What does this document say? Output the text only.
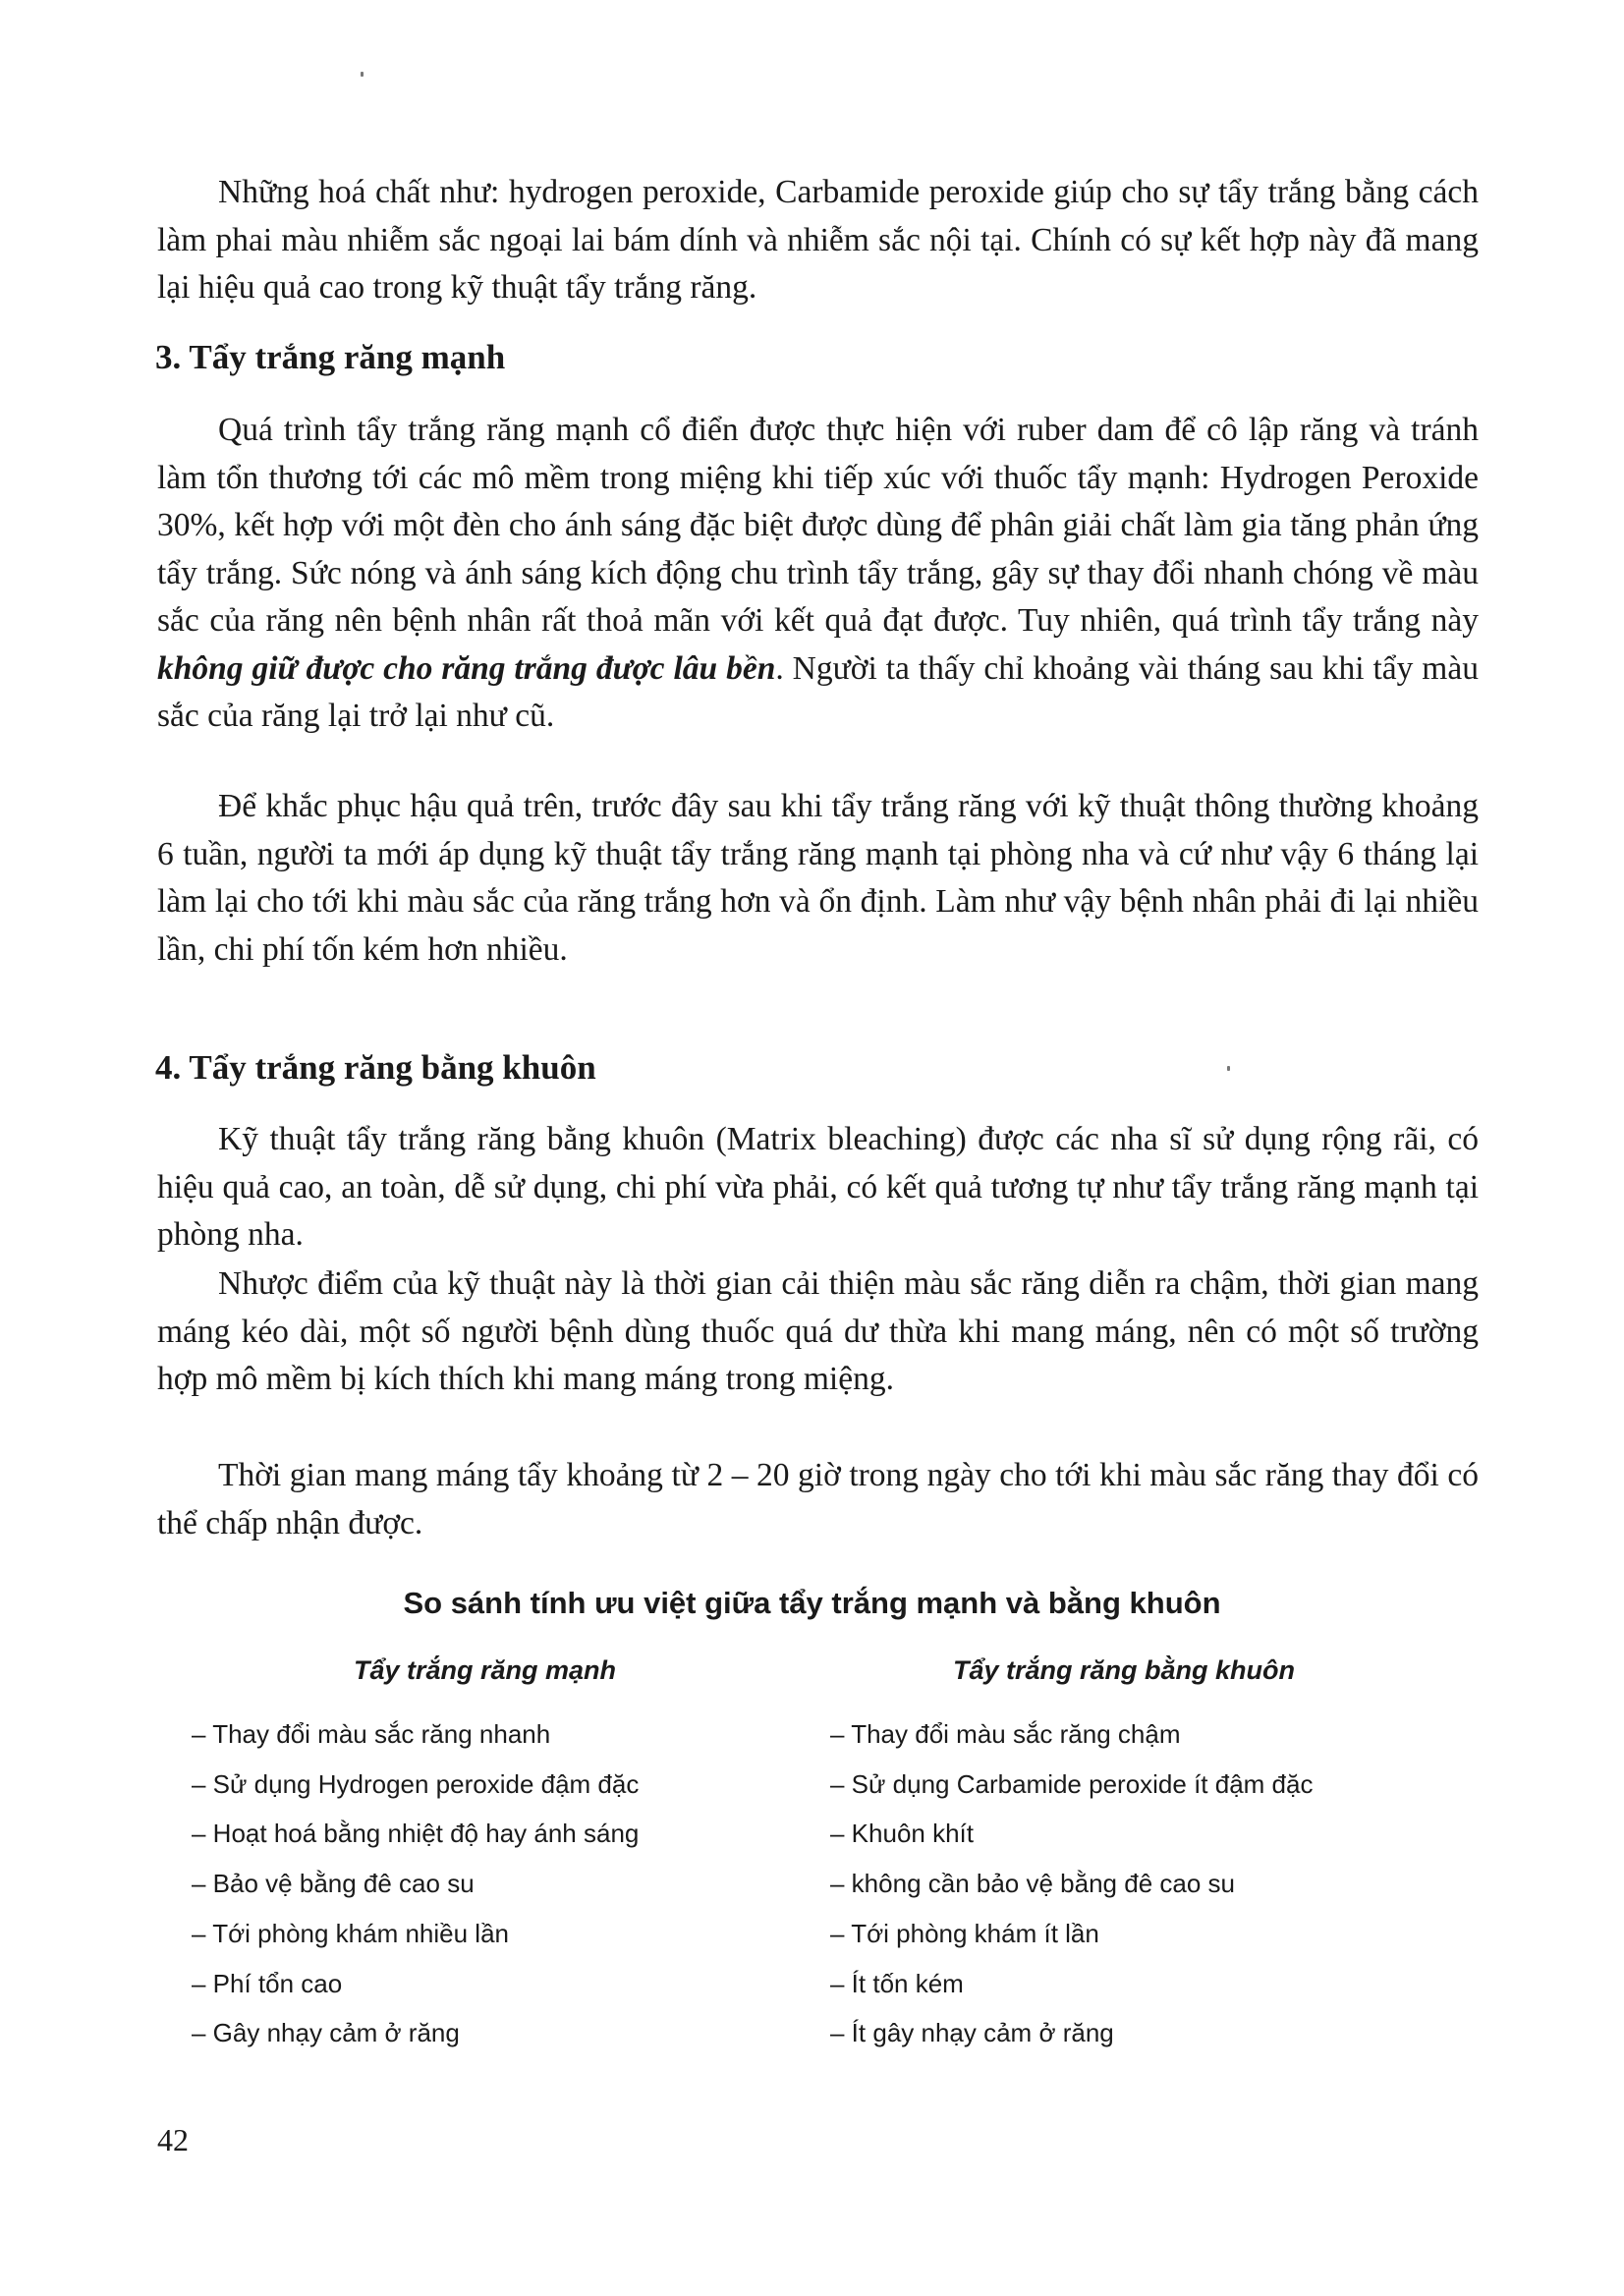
Những hoá chất như: hydrogen peroxide, Carbamide peroxide giúp cho sự tẩy trắng bằng cách làm phai màu nhiễm sắc ngoại lai bám dính và nhiễm sắc nội tại. Chính có sự kết hợp này đã mang lại hiệu quả cao trong kỹ thuật tẩy trắng răng.

3. Tẩy trắng răng mạnh

Quá trình tẩy trắng răng mạnh cổ điển được thực hiện với ruber dam để cô lập răng và tránh làm tổn thương tới các mô mềm trong miệng khi tiếp xúc với thuốc tẩy mạnh: Hydrogen Peroxide 30%, kết hợp với một đèn cho ánh sáng đặc biệt được dùng để phân giải chất làm gia tăng phản ứng tẩy trắng. Sức nóng và ánh sáng kích động chu trình tẩy trắng, gây sự thay đổi nhanh chóng về màu sắc của răng nên bệnh nhân rất thoả mãn với kết quả đạt được. Tuy nhiên, quá trình tẩy trắng này không giữ được cho răng trắng được lâu bền. Người ta thấy chỉ khoảng vài tháng sau khi tẩy màu sắc của răng lại trở lại như cũ.

Để khắc phục hậu quả trên, trước đây sau khi tẩy trắng răng với kỹ thuật thông thường khoảng 6 tuần, người ta mới áp dụng kỹ thuật tẩy trắng răng mạnh tại phòng nha và cứ như vậy 6 tháng lại làm lại cho tới khi màu sắc của răng trắng hơn và ổn định. Làm như vậy bệnh nhân phải đi lại nhiều lần, chi phí tốn kém hơn nhiều.

4. Tẩy trắng răng bằng khuôn

Kỹ thuật tẩy trắng răng bằng khuôn (Matrix bleaching) được các nha sĩ sử dụng rộng rãi, có hiệu quả cao, an toàn, dễ sử dụng, chi phí vừa phải, có kết quả tương tự như tẩy trắng răng mạnh tại phòng nha.

Nhược điểm của kỹ thuật này là thời gian cải thiện màu sắc răng diễn ra chậm, thời gian mang máng kéo dài, một số người bệnh dùng thuốc quá dư thừa khi mang máng, nên có một số trường hợp mô mềm bị kích thích khi mang máng trong miệng.

Thời gian mang máng tẩy khoảng từ 2 – 20 giờ trong ngày cho tới khi màu sắc răng thay đổi có thể chấp nhận được.

So sánh tính ưu việt giữa tẩy trắng mạnh và bằng khuôn

Tẩy trắng răng mạnh

– Thay đổi màu sắc răng nhanh
– Sử dụng Hydrogen peroxide đậm đặc
– Hoạt hoá bằng nhiệt độ hay ánh sáng
– Bảo vệ bằng đê cao su
– Tới phòng khám nhiều lần
– Phí tổn cao
– Gây nhạy cảm ở răng

Tẩy trắng răng bằng khuôn

– Thay đổi màu sắc răng chậm
– Sử dụng Carbamide peroxide ít đậm đặc
– Khuôn khít
– không cần bảo vệ bằng đê cao su
– Tới phòng khám ít lần
– Ít tốn kém
– Ít gây nhạy cảm ở răng
42
